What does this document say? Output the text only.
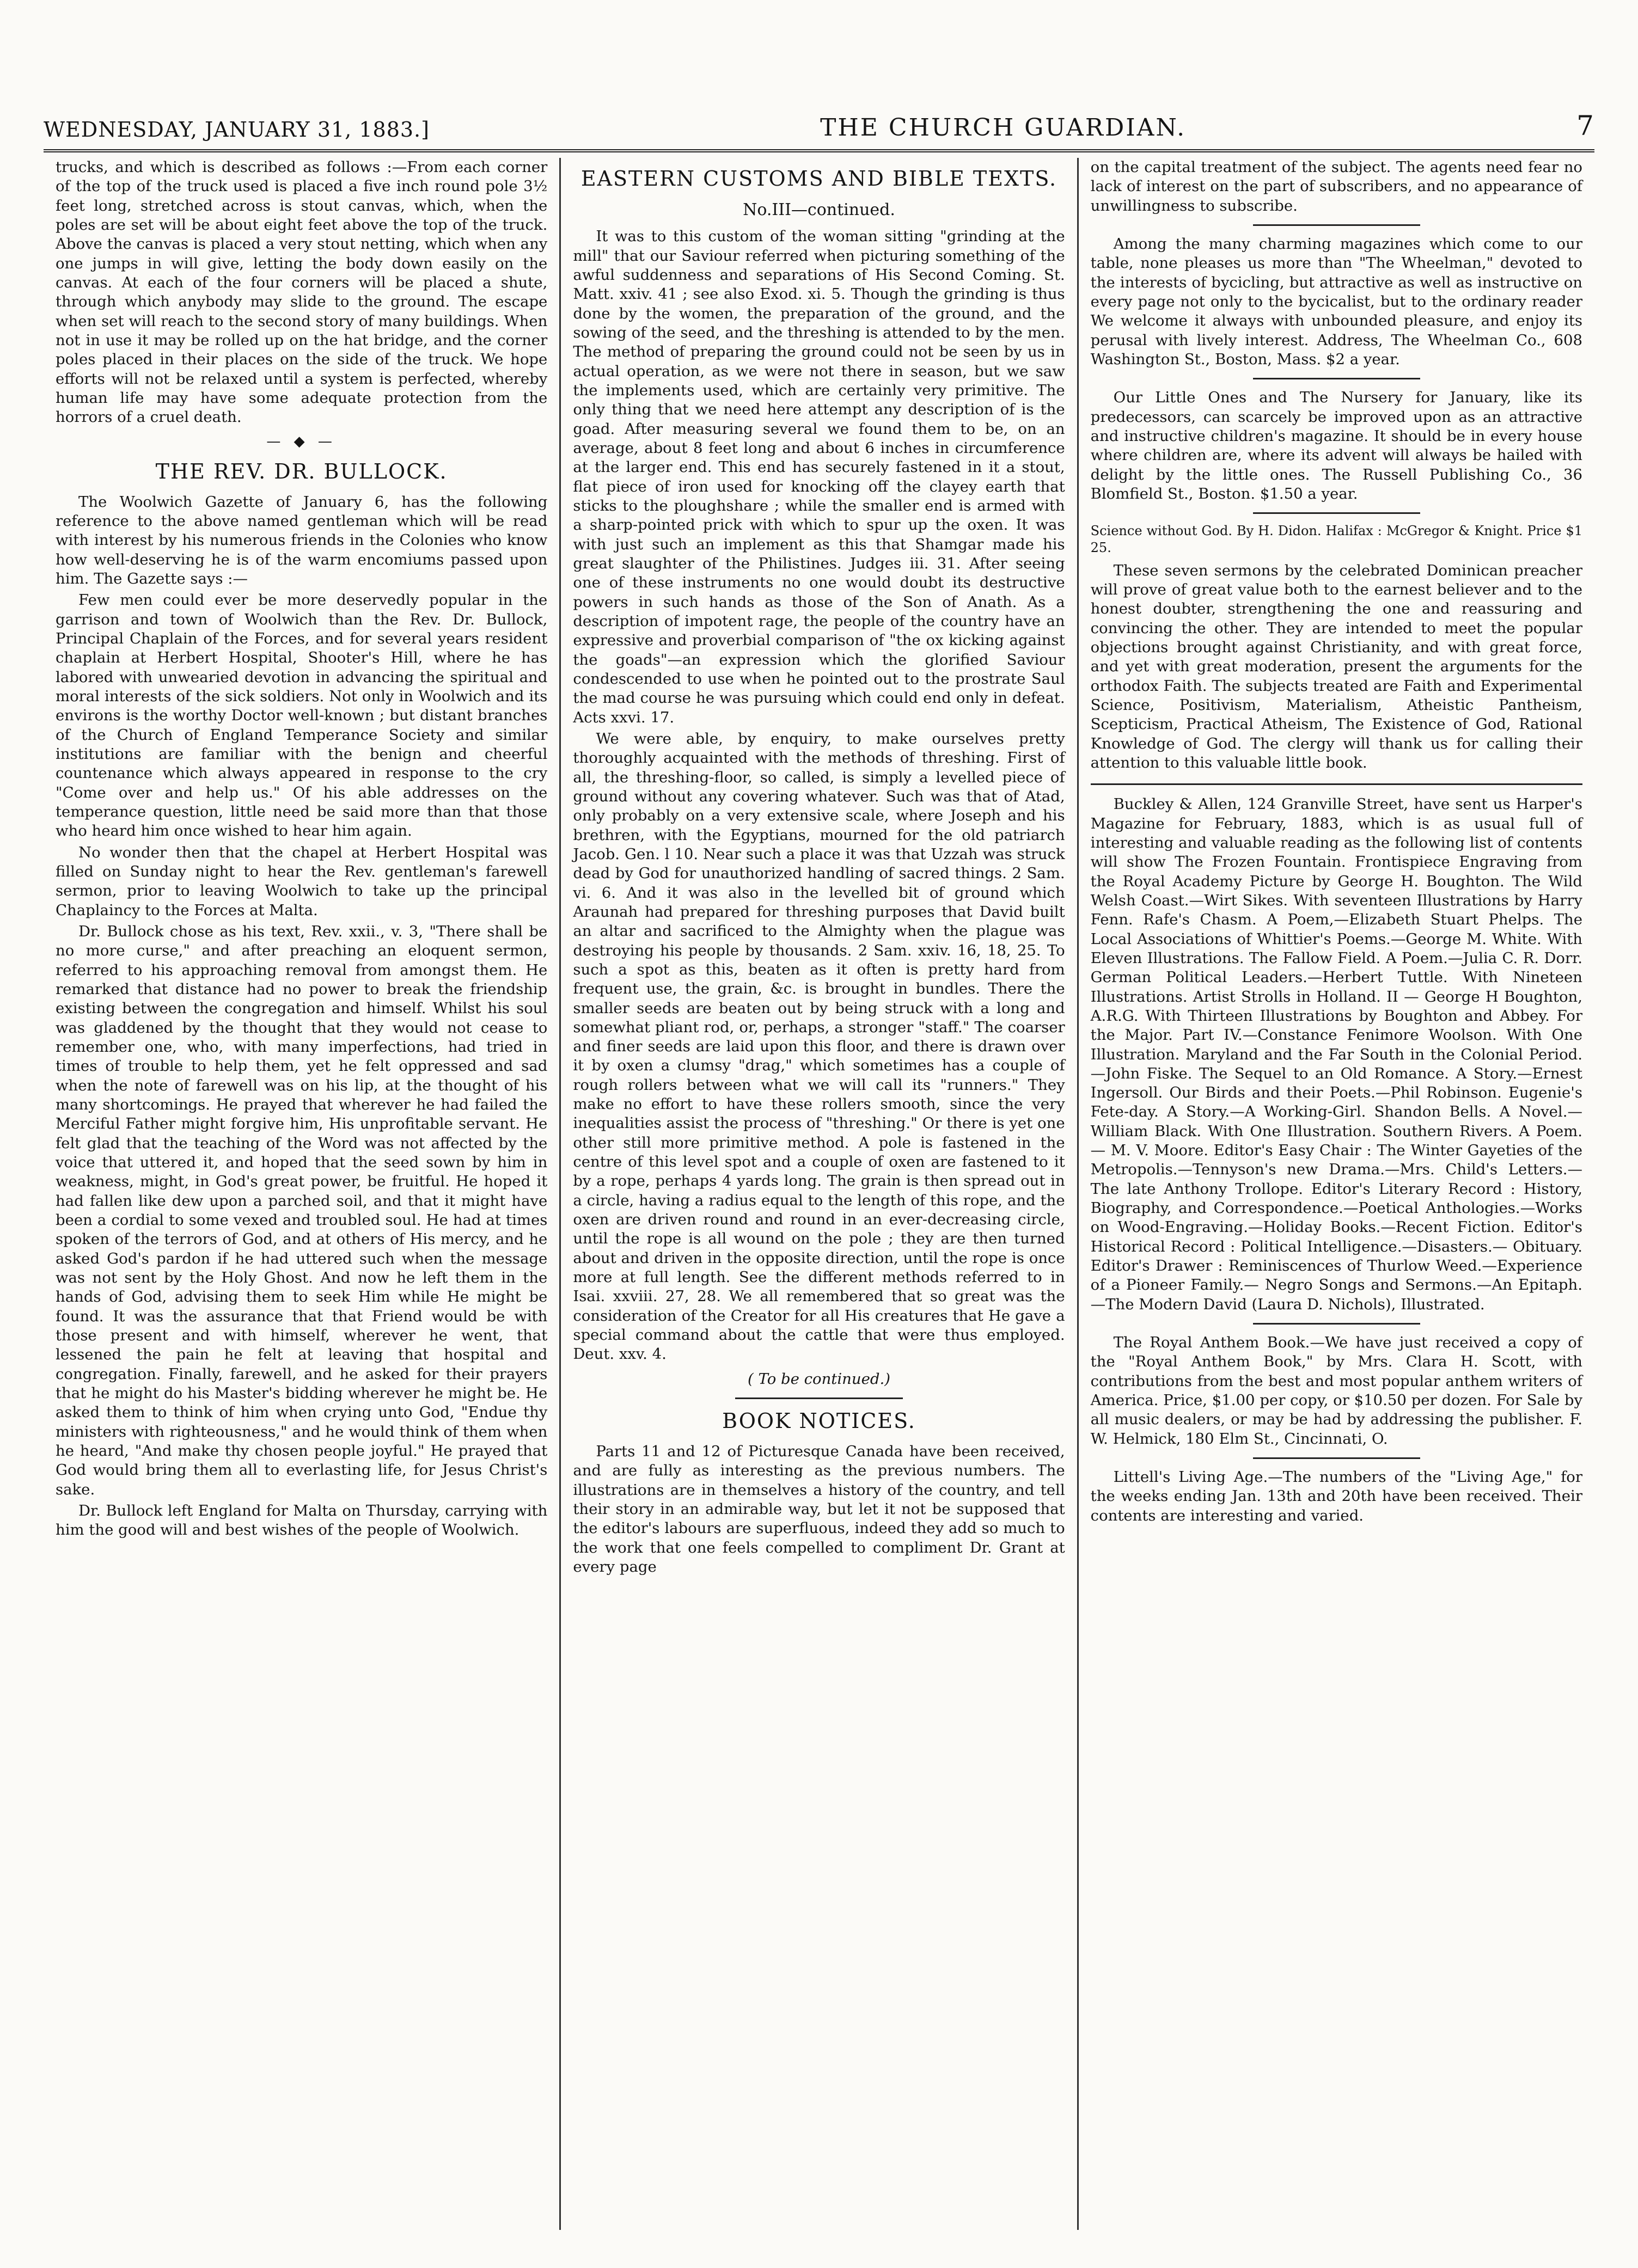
WEDNESDAY, JANUARY 31, 1883.]	THE CHURCH GUARDIAN.	7

trucks, and which is described as follows :—From each corner of the top of the truck used is placed a five inch round pole 3½ feet long, stretched across is stout canvas, which, when the poles are set will be about eight feet above the top of the truck. Above the canvas is placed a very stout netting, which when any one jumps in will give, letting the body down easily on the canvas. At each of the four corners will be placed a shute, through which anybody may slide to the ground. The escape when set will reach to the second story of many buildings. When not in use it may be rolled up on the hat bridge, and the corner poles placed in their places on the side of the truck. We hope efforts will not be relaxed until a system is perfected, whereby human life may have some adequate protection from the horrors of a cruel death.

— ◆ —
THE REV. DR. BULLOCK.

The Woolwich Gazette of January 6, has the following reference to the above named gentleman which will be read with interest by his numerous friends in the Colonies who know how well-deserving he is of the warm encomiums passed upon him. The Gazette says :—

Few men could ever be more deservedly popular in the garrison and town of Woolwich than the Rev. Dr. Bullock, Principal Chaplain of the Forces, and for several years resident chaplain at Herbert Hospital, Shooter's Hill, where he has labored with unwearied devotion in advancing the spiritual and moral interests of the sick soldiers. Not only in Woolwich and its environs is the worthy Doctor well-known ; but distant branches of the Church of England Temperance Society and similar institutions are familiar with the benign and cheerful countenance which always appeared in response to the cry "Come over and help us." Of his able addresses on the temperance question, little need be said more than that those who heard him once wished to hear him again.

No wonder then that the chapel at Herbert Hospital was filled on Sunday night to hear the Rev. gentleman's farewell sermon, prior to leaving Woolwich to take up the principal Chaplaincy to the Forces at Malta.

Dr. Bullock chose as his text, Rev. xxii., v. 3, "There shall be no more curse," and after preaching an eloquent sermon, referred to his approaching removal from amongst them. He remarked that distance had no power to break the friendship existing between the congregation and himself. Whilst his soul was gladdened by the thought that they would not cease to remember one, who, with many imperfections, had tried in times of trouble to help them, yet he felt oppressed and sad when the note of farewell was on his lip, at the thought of his many shortcomings. He prayed that wherever he had failed the Merciful Father might forgive him, His unprofitable servant. He felt glad that the teaching of the Word was not affected by the voice that uttered it, and hoped that the seed sown by him in weakness, might, in God's great power, be fruitful. He hoped it had fallen like dew upon a parched soil, and that it might have been a cordial to some vexed and troubled soul. He had at times spoken of the terrors of God, and at others of His mercy, and he asked God's pardon if he had uttered such when the message was not sent by the Holy Ghost. And now he left them in the hands of God, advising them to seek Him while He might be found. It was the assurance that that Friend would be with those present and with himself, wherever he went, that lessened the pain he felt at leaving that hospital and congregation. Finally, farewell, and he asked for their prayers that he might do his Master's bidding wherever he might be. He asked them to think of him when crying unto God, "Endue thy ministers with righteousness," and he would think of them when he heard, "And make thy chosen people joyful." He prayed that God would bring them all to everlasting life, for Jesus Christ's sake.

Dr. Bullock left England for Malta on Thursday, carrying with him the good will and best wishes of the people of Woolwich.

EASTERN CUSTOMS AND BIBLE TEXTS.
No.III—continued.

It was to this custom of the woman sitting "grinding at the mill" that our Saviour referred when picturing something of the awful suddenness and separations of His Second Coming. St. Matt. xxiv. 41 ; see also Exod. xi. 5. Though the grinding is thus done by the women, the preparation of the ground, and the sowing of the seed, and the threshing is attended to by the men. The method of preparing the ground could not be seen by us in actual operation, as we were not there in season, but we saw the implements used, which are certainly very primitive. The only thing that we need here attempt any description of is the goad. After measuring several we found them to be, on an average, about 8 feet long and about 6 inches in circumference at the larger end. This end has securely fastened in it a stout, flat piece of iron used for knocking off the clayey earth that sticks to the ploughshare ; while the smaller end is armed with a sharp-pointed prick with which to spur up the oxen. It was with just such an implement as this that Shamgar made his great slaughter of the Philistines. Judges iii. 31. After seeing one of these instruments no one would doubt its destructive powers in such hands as those of the Son of Anath. As a description of impotent rage, the people of the country have an expressive and proverbial comparison of "the ox kicking against the goads"—an expression which the glorified Saviour condescended to use when he pointed out to the prostrate Saul the mad course he was pursuing which could end only in defeat. Acts xxvi. 17.

We were able, by enquiry, to make ourselves pretty thoroughly acquainted with the methods of threshing. First of all, the threshing-floor, so called, is simply a levelled piece of ground without any covering whatever. Such was that of Atad, only probably on a very extensive scale, where Joseph and his brethren, with the Egyptians, mourned for the old patriarch Jacob. Gen. l 10. Near such a place it was that Uzzah was struck dead by God for unauthorized handling of sacred things. 2 Sam. vi. 6. And it was also in the levelled bit of ground which Araunah had prepared for threshing purposes that David built an altar and sacrificed to the Almighty when the plague was destroying his people by thousands. 2 Sam. xxiv. 16, 18, 25. To such a spot as this, beaten as it often is pretty hard from frequent use, the grain, &c. is brought in bundles. There the smaller seeds are beaten out by being struck with a long and somewhat pliant rod, or, perhaps, a stronger "staff." The coarser and finer seeds are laid upon this floor, and there is drawn over it by oxen a clumsy "drag," which sometimes has a couple of rough rollers between what we will call its "runners." They make no effort to have these rollers smooth, since the very inequalities assist the process of "threshing." Or there is yet one other still more primitive method. A pole is fastened in the centre of this level spot and a couple of oxen are fastened to it by a rope, perhaps 4 yards long. The grain is then spread out in a circle, having a radius equal to the length of this rope, and the oxen are driven round and round in an ever-decreasing circle, until the rope is all wound on the pole ; they are then turned about and driven in the opposite direction, until the rope is once more at full length. See the different methods referred to in Isai. xxviii. 27, 28. We all remembered that so great was the consideration of the Creator for all His creatures that He gave a special command about the cattle that were thus employed. Deut. xxv. 4.

( To be continued.)

BOOK NOTICES.

Parts 11 and 12 of Picturesque Canada have been received, and are fully as interesting as the previous numbers. The illustrations are in themselves a history of the country, and tell their story in an admirable way, but let it not be supposed that the editor's labours are superfluous, indeed they add so much to the work that one feels compelled to compliment Dr. Grant at every page

on the capital treatment of the subject. The agents need fear no lack of interest on the part of subscribers, and no appearance of unwillingness to subscribe.

Among the many charming magazines which come to our table, none pleases us more than "The Wheelman," devoted to the interests of bycicling, but attractive as well as instructive on every page not only to the bycicalist, but to the ordinary reader We welcome it always with unbounded pleasure, and enjoy its perusal with lively interest. Address, The Wheelman Co., 608 Washington St., Boston, Mass. $2 a year.

Our Little Ones and The Nursery for January, like its predecessors, can scarcely be improved upon as an attractive and instructive children's magazine. It should be in every house where children are, where its advent will always be hailed with delight by the little ones. The Russell Publishing Co., 36 Blomfield St., Boston. $1.50 a year.

Science without God. By H. Didon. Halifax : McGregor & Knight. Price $1 25.

These seven sermons by the celebrated Dominican preacher will prove of great value both to the earnest believer and to the honest doubter, strengthening the one and reassuring and convincing the other. They are intended to meet the popular objections brought against Christianity, and with great force, and yet with great moderation, present the arguments for the orthodox Faith. The subjects treated are Faith and Experimental Science, Positivism, Materialism, Atheistic Pantheism, Scepticism, Practical Atheism, The Existence of God, Rational Knowledge of God. The clergy will thank us for calling their attention to this valuable little book.

Buckley & Allen, 124 Granville Street, have sent us Harper's Magazine for February, 1883, which is as usual full of interesting and valuable reading as the following list of contents will show The Frozen Fountain. Frontispiece Engraving from the Royal Academy Picture by George H. Boughton. The Wild Welsh Coast.—Wirt Sikes. With seventeen Illustrations by Harry Fenn. Rafe's Chasm. A Poem,—Elizabeth Stuart Phelps. The Local Associations of Whittier's Poems.—George M. White. With Eleven Illustrations. The Fallow Field. A Poem.—Julia C. R. Dorr. German Political Leaders.—Herbert Tuttle. With Nineteen Illustrations. Artist Strolls in Holland. II — George H Boughton, A.R.G. With Thirteen Illustrations by Boughton and Abbey. For the Major. Part IV.—Constance Fenimore Woolson. With One Illustration. Maryland and the Far South in the Colonial Period.—John Fiske. The Sequel to an Old Romance. A Story.—Ernest Ingersoll. Our Birds and their Poets.—Phil Robinson. Eugenie's Fete-day. A Story.—A Working-Girl. Shandon Bells. A Novel.—William Black. With One Illustration. Southern Rivers. A Poem.— M. V. Moore. Editor's Easy Chair : The Winter Gayeties of the Metropolis.—Tennyson's new Drama.—Mrs. Child's Letters.—The late Anthony Trollope. Editor's Literary Record : History, Biography, and Correspondence.—Poetical Anthologies.—Works on Wood-Engraving.—Holiday Books.—Recent Fiction. Editor's Historical Record : Political Intelligence.—Disasters.— Obituary. Editor's Drawer : Reminiscences of Thurlow Weed.—Experience of a Pioneer Family.— Negro Songs and Sermons.—An Epitaph.—The Modern David (Laura D. Nichols), Illustrated.

The Royal Anthem Book.—We have just received a copy of the "Royal Anthem Book," by Mrs. Clara H. Scott, with contributions from the best and most popular anthem writers of America. Price, $1.00 per copy, or $10.50 per dozen. For Sale by all music dealers, or may be had by addressing the publisher. F. W. Helmick, 180 Elm St., Cincinnati, O.

Littell's Living Age.—The numbers of the "Living Age," for the weeks ending Jan. 13th and 20th have been received. Their contents are interesting and varied.
